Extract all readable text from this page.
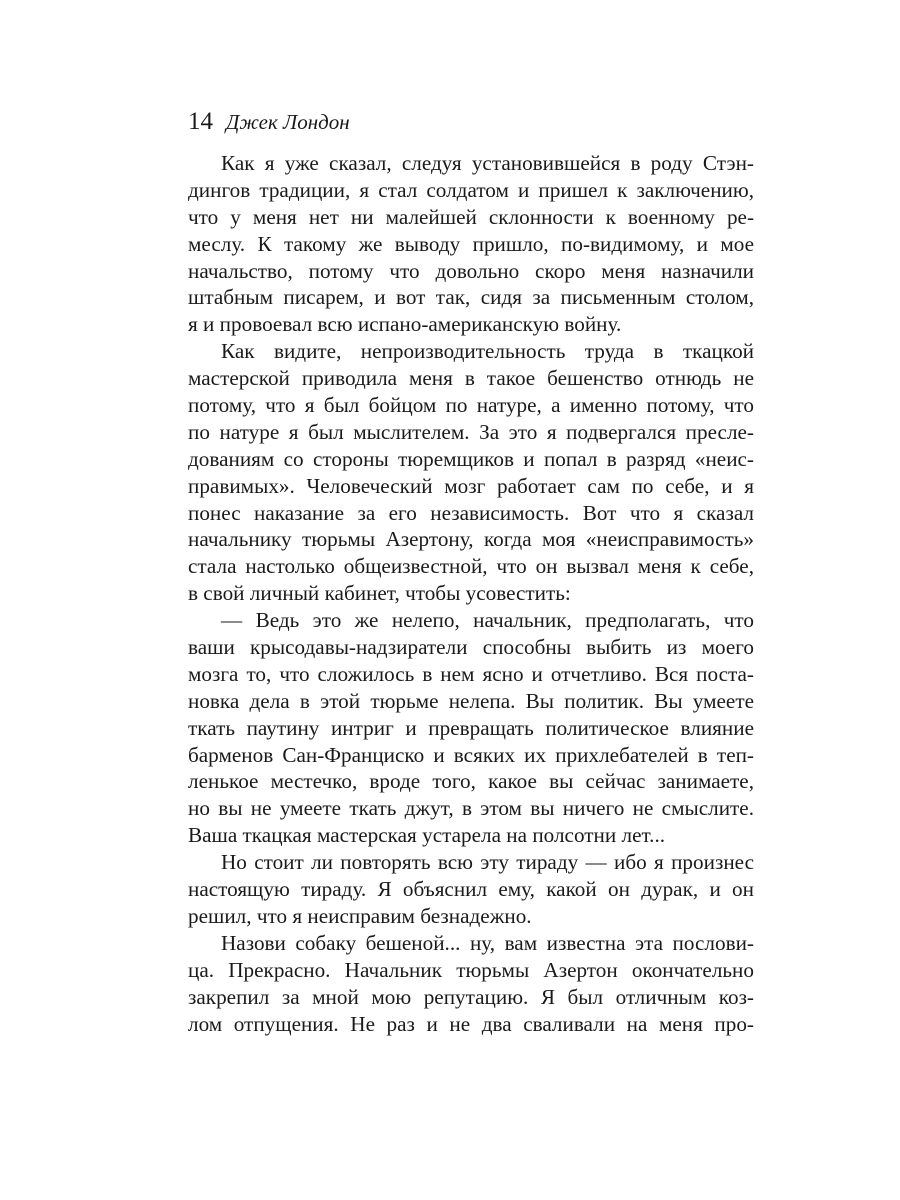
14 Джек Лондон
Как я уже сказал, следуя установившейся в роду Стэн-
дингов традиции, я стал солдатом и пришел к заключению,
что у меня нет ни малейшей склонности к военному ре-
меслу. К такому же выводу пришло, по-видимому, и мое
начальство, потому что довольно скоро меня назначили
штабным писарем, и вот так, сидя за письменным столом,
я и провоевал всю испано-американскую войну.
Как видите, непроизводительность труда в ткацкой
мастерской приводила меня в такое бешенство отнюдь не
потому, что я был бойцом по натуре, а именно потому, что
по натуре я был мыслителем. За это я подвергался пресле-
дованиям со стороны тюремщиков и попал в разряд «неис-
правимых». Человеческий мозг работает сам по себе, и я
понес наказание за его независимость. Вот что я сказал
начальнику тюрьмы Азертону, когда моя «неисправимость»
стала настолько общеизвестной, что он вызвал меня к себе,
в свой личный кабинет, чтобы усовестить:
— Ведь это же нелепо, начальник, предполагать, что
ваши крысодавы-надзиратели способны выбить из моего
мозга то, что сложилось в нем ясно и отчетливо. Вся поста-
новка дела в этой тюрьме нелепа. Вы политик. Вы умеете
ткать паутину интриг и превращать политическое влияние
барменов Сан-Франциско и всяких их прихлебателей в теп-
ленькое местечко, вроде того, какое вы сейчас занимаете,
но вы не умеете ткать джут, в этом вы ничего не смыслите.
Ваша ткацкая мастерская устарела на полсотни лет...
Но стоит ли повторять всю эту тираду — ибо я произнес
настоящую тираду. Я объяснил ему, какой он дурак, и он
решил, что я неисправим безнадежно.
Назови собаку бешеной... ну, вам известна эта послови-
ца. Прекрасно. Начальник тюрьмы Азертон окончательно
закрепил за мной мою репутацию. Я был отличным коз-
лом отпущения. Не раз и не два сваливали на меня про-
